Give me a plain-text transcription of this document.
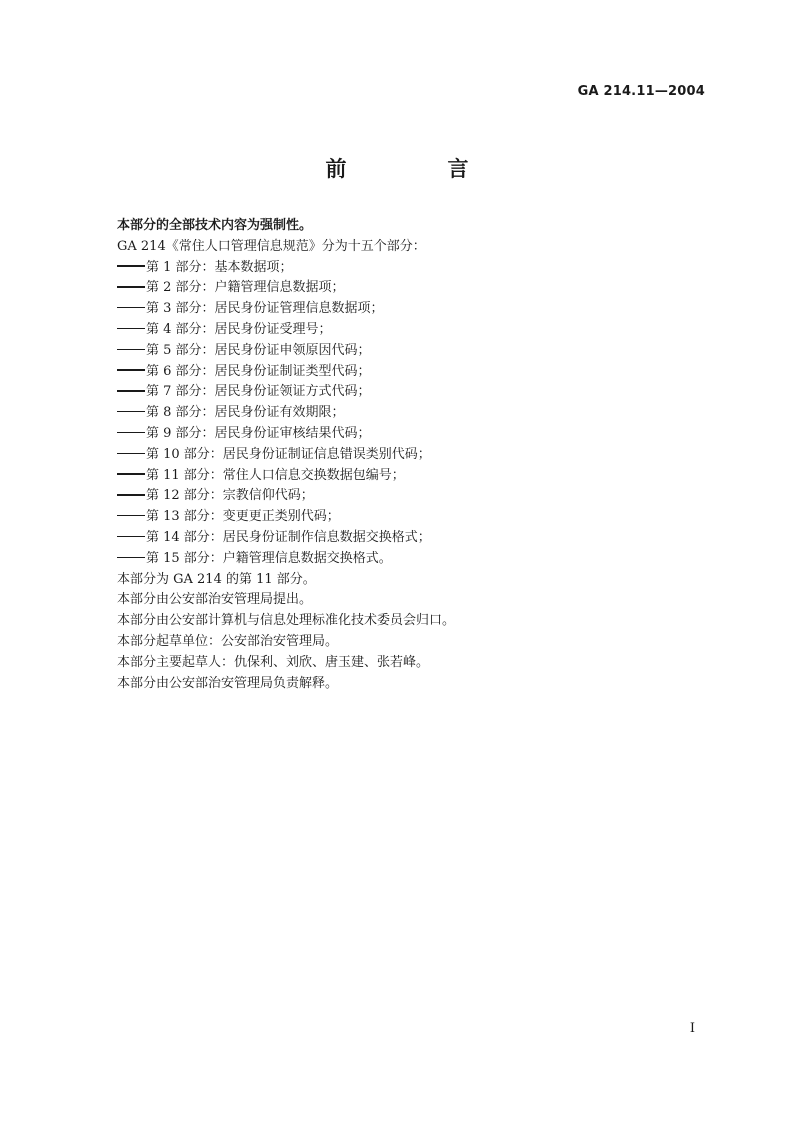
GA 214.11—2004
前　言
本部分的全部技术内容为强制性。
GA 214《常住人口管理信息规范》分为十五个部分：
第 1 部分：基本数据项；
第 2 部分：户籍管理信息数据项；
第 3 部分：居民身份证管理信息数据项；
第 4 部分：居民身份证受理号；
第 5 部分：居民身份证申领原因代码；
第 6 部分：居民身份证制证类型代码；
第 7 部分：居民身份证领证方式代码；
第 8 部分：居民身份证有效期限；
第 9 部分：居民身份证审核结果代码；
第 10 部分：居民身份证制证信息错误类别代码；
第 11 部分：常住人口信息交换数据包编号；
第 12 部分：宗教信仰代码；
第 13 部分：变更更正类别代码；
第 14 部分：居民身份证制作信息数据交换格式；
第 15 部分：户籍管理信息数据交换格式。
本部分为 GA 214 的第 11 部分。
本部分由公安部治安管理局提出。
本部分由公安部计算机与信息处理标准化技术委员会归口。
本部分起草单位：公安部治安管理局。
本部分主要起草人：仇保利、刘欣、唐玉建、张若峰。
本部分由公安部治安管理局负责解释。
I
